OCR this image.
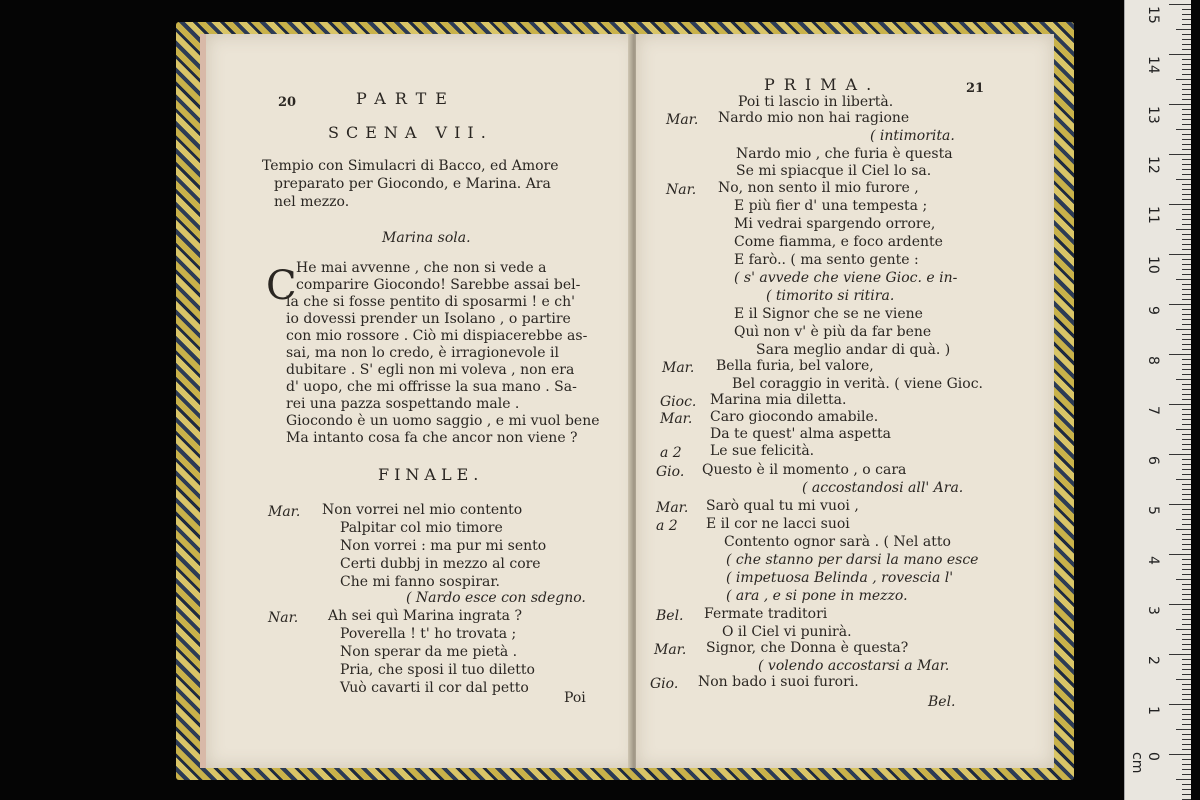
20	PARTE
SCENA VII.
Tempio con Simulacri di Bacco, ed Amore
preparato per Giocondo, e Marina. Ara
nel mezzo.
Marina sola.
C He mai avvenne , che non si vede a
comparire Giocondo! Sarebbe assai bel-
la che si fosse pentito di sposarmi ! e ch'
io dovessi prender un Isolano , o partire
con mio rossore . Ciò mi dispiacerebbe as-
sai, ma non lo credo, è irragionevole il
dubitare . S' egli non mi voleva , non era
d' uopo, che mi offrisse la sua mano . Sa-
rei una pazza sospettando male .
Giocondo è un uomo saggio , e mi vuol bene
Ma intanto cosa fa che ancor non viene ?
FINALE.
Mar. Non vorrei nel mio contento
Palpitar col mio timore
Non vorrei : ma pur mi sento
Certi dubbj in mezzo al core
Che mi fanno sospirar.
( Nardo esce con sdegno.
Nar. Ah sei quì Marina ingrata ?
Poverella ! t' ho trovata ;
Non sperar da me pietà .
Pria, che sposi il tuo diletto
Vuò cavarti il cor dal petto
Poi
PRIMA.	21
Poi ti lascio in libertà.
Mar. Nardo mio non hai ragione
( intimorita.
Nardo mio , che furia è questa
Se mi spiacque il Ciel lo sa.
Nar. No, non sento il mio furore ,
E più fier d' una tempesta ;
Mi vedrai spargendo orrore,
Come fiamma, e foco ardente
E farò.. ( ma sento gente :
( s' avvede che viene Gioc. e in-
( timorito si ritira.
E il Signor che se ne viene
Quì non v' è più da far bene
Sara meglio andar di quà. )
Mar. Bella furia, bel valore,
Bel coraggio in verità. ( viene Gioc.
Gioc. Marina mia diletta.
Mar. Caro giocondo amabile.
Da te quest' alma aspetta
a 2 Le sue felicità.
Gio. Questo è il momento , o cara
( accostandosi all' Ara.
Mar. Sarò qual tu mi vuoi ,
a 2 E il cor ne lacci suoi
Contento ognor sarà . ( Nel atto
( che stanno per darsi la mano esce
( impetuosa Belinda , rovescia l'
( ara , e si pone in mezzo.
Bel. Fermate traditori
O il Ciel vi punirà.
Mar. Signor, che Donna è questa?
( volendo accostarsi a Mar.
Gio. Non bado i suoi furori.
Bel.
15
14
13
12
11
10
9
8
7
6
5
4
3
2
1
0 cm
